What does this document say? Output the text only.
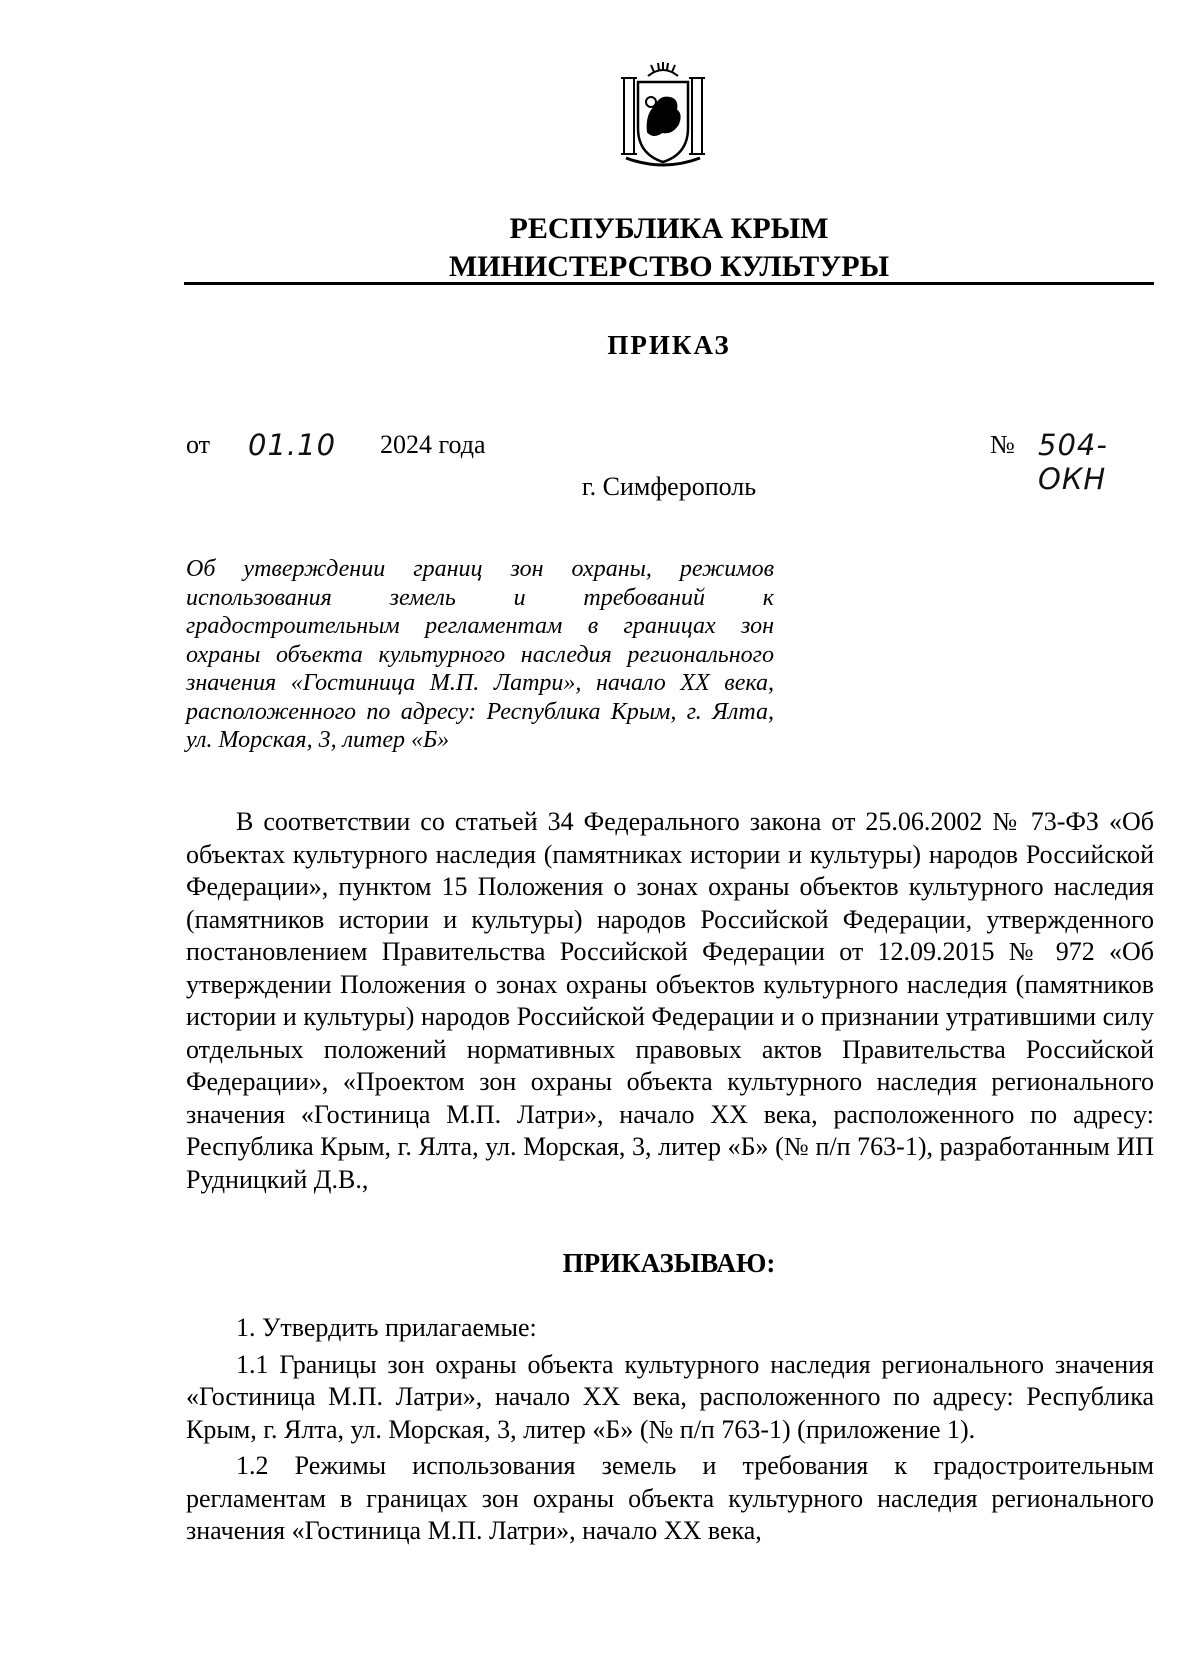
РЕСПУБЛИКА КРЫМ
МИНИСТЕРСТВО КУЛЬТУРЫ
ПРИКАЗ
от 01.10 2024 года	№ 504-ОКН
г. Симферополь
Об утверждении границ зон охраны, режимов использования земель и требований к градостроительным регламентам в границах зон охраны объекта культурного наследия регионального значения «Гостиница М.П. Латри», начало XX века, расположенного по адресу: Республика Крым, г. Ялта, ул. Морская, 3, литер «Б»

В соответствии со статьей 34 Федерального закона от 25.06.2002 № 73-ФЗ «Об объектах культурного наследия (памятниках истории и культуры) народов Российской Федерации», пунктом 15 Положения о зонах охраны объектов культурного наследия (памятников истории и культуры) народов Российской Федерации, утвержденного постановлением Правительства Российской Федерации от 12.09.2015 № 972 «Об утверждении Положения о зонах охраны объектов культурного наследия (памятников истории и культуры) народов Российской Федерации и о признании утратившими силу отдельных положений нормативных правовых актов Правительства Российской Федерации», «Проектом зон охраны объекта культурного наследия регионального значения «Гостиница М.П. Латри», начало XX века, расположенного по адресу: Республика Крым, г. Ялта, ул. Морская, 3, литер «Б» (№ п/п 763-1), разработанным ИП Рудницкий Д.В.,

ПРИКАЗЫВАЮ:

1. Утвердить прилагаемые:

1.1 Границы зон охраны объекта культурного наследия регионального значения «Гостиница М.П. Латри», начало XX века, расположенного по адресу: Республика Крым, г. Ялта, ул. Морская, 3, литер «Б» (№ п/п 763-1) (приложение 1).

1.2 Режимы использования земель и требования к градостроительным регламентам в границах зон охраны объекта культурного наследия регионального значения «Гостиница М.П. Латри», начало XX века,
